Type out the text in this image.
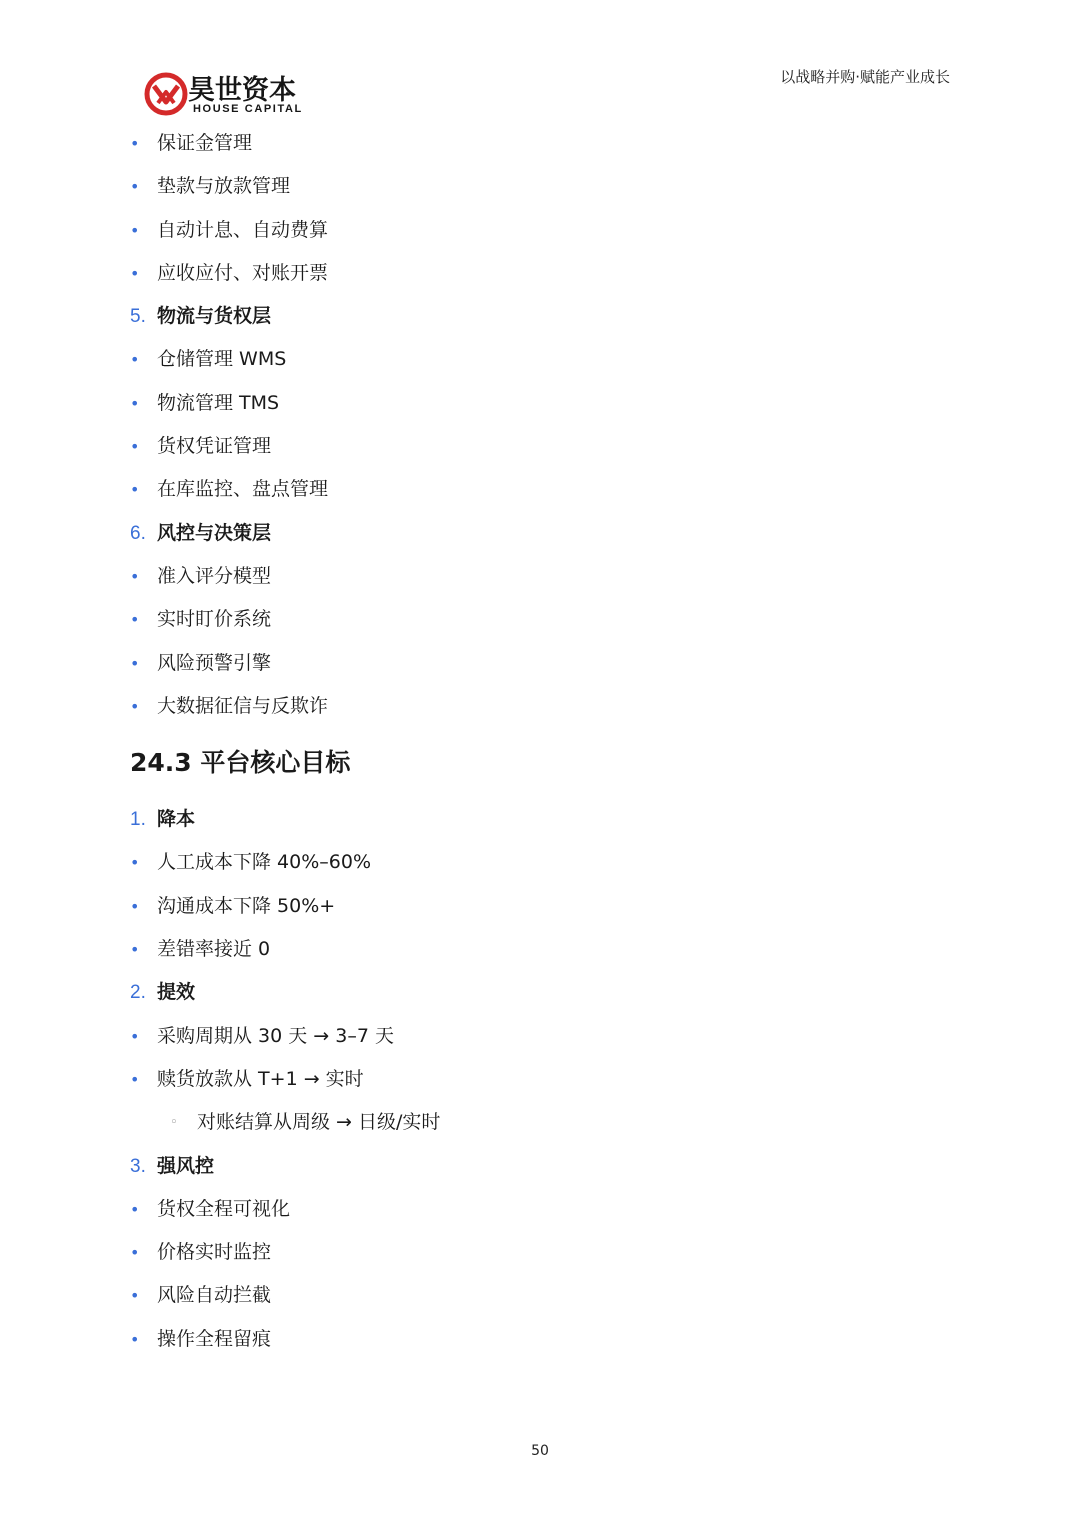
昊世资本
HOUSE CAPITAL
以战略并购·赋能产业成长
• 保证金管理
• 垫款与放款管理
• 自动计息、自动费算
• 应收应付、对账开票
5. 物流与货权层
• 仓储管理 WMS
• 物流管理 TMS
• 货权凭证管理
• 在库监控、盘点管理
6. 风控与决策层
• 准入评分模型
• 实时盯价系统
• 风险预警引擎
• 大数据征信与反欺诈
24.3 平台核心目标
1. 降本
• 人工成本下降 40%–60%
• 沟通成本下降 50%+
• 差错率接近 0
2. 提效
• 采购周期从 30 天 → 3–7 天
• 赎货放款从 T+1 → 实时
◦	对账结算从周级 → 日级/实时
3. 强风控
• 货权全程可视化
• 价格实时监控
• 风险自动拦截
• 操作全程留痕
50
